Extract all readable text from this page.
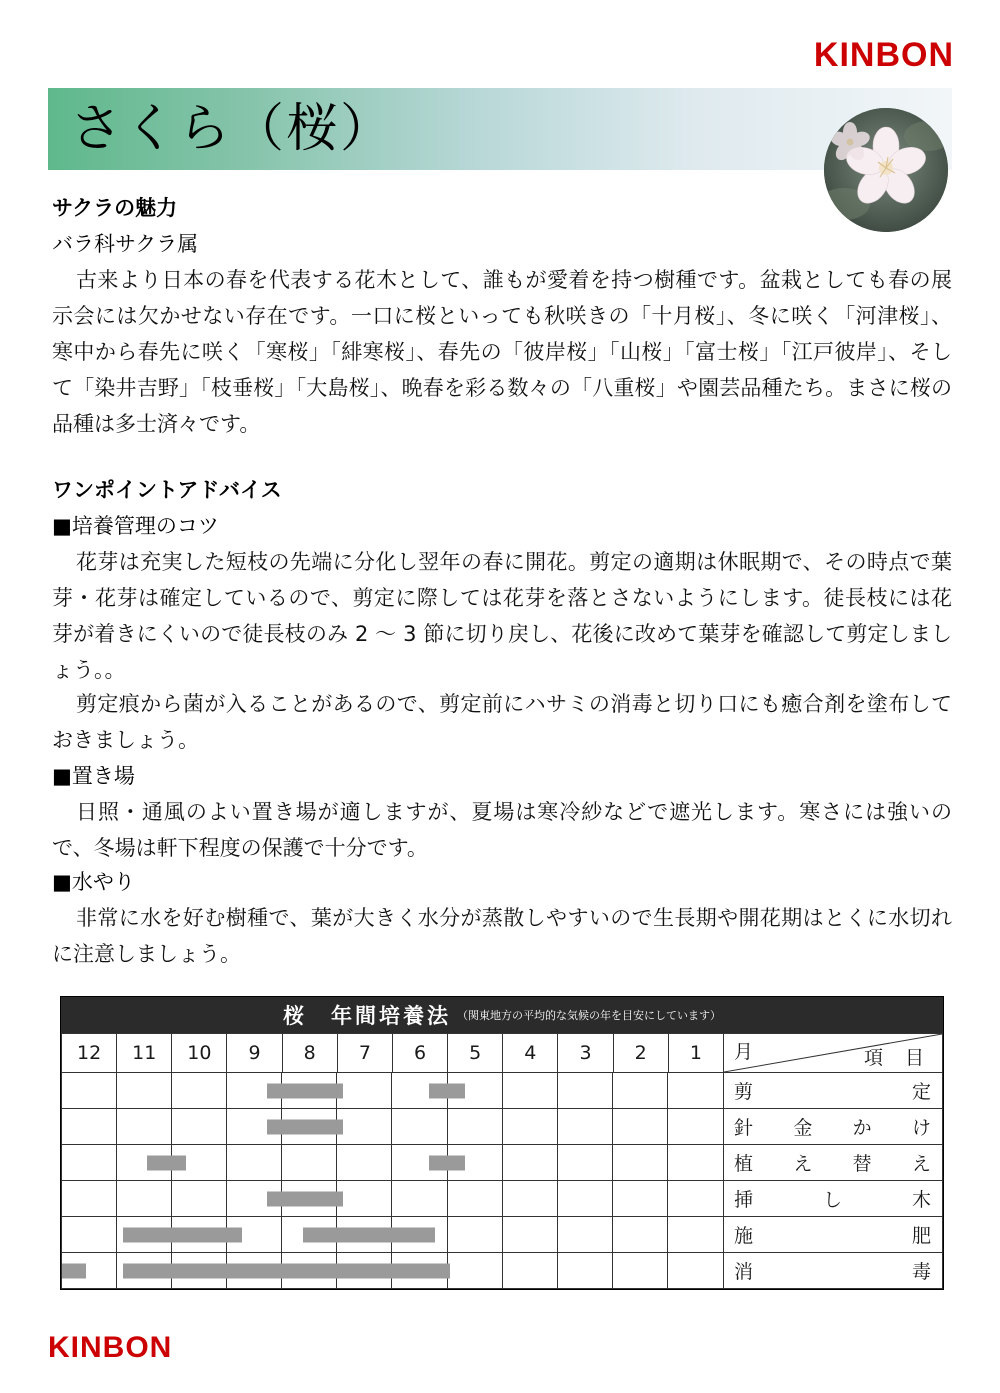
KINBON
さくら（桜）
サクラの魅力
バラ科サクラ属
古来より日本の春を代表する花木として、誰もが愛着を持つ樹種です。盆栽としても春の展示会には欠かせない存在です。一口に桜といっても秋咲きの「十月桜」、冬に咲く「河津桜」、寒中から春先に咲く「寒桜」「緋寒桜」、春先の「彼岸桜」「山桜」「富士桜」「江戸彼岸」、そして「染井吉野」「枝垂桜」「大島桜」、晩春を彩る数々の「八重桜」や園芸品種たち。まさに桜の品種は多士済々です。
ワンポイントアドバイス
■培養管理のコツ
花芽は充実した短枝の先端に分化し翌年の春に開花。剪定の適期は休眠期で、その時点で葉芽・花芽は確定しているので、剪定に際しては花芽を落とさないようにします。徒長枝には花芽が着きにくいので徒長枝のみ 2 〜 3 節に切り戻し、花後に改めて葉芽を確認して剪定しましょう。。
剪定痕から菌が入ることがあるので、剪定前にハサミの消毒と切り口にも癒合剤を塗布しておきましょう。
■置き場
日照・通風のよい置き場が適しますが、夏場は寒冷紗などで遮光します。寒さには強いので、冬場は軒下程度の保護で十分です。
■水やり
非常に水を好む樹種で、葉が大きく水分が蒸散しやすいので生長期や開花期はとくに水切れに注意しましょう。
桜　年間培養法 （関東地方の平均的な気候の年を目安にしています）
12	11	10	9	8	7	6	5	4	3	2	1	月 項 目

												剪 定

												針 金 か け

												植 え 替 え

												挿 し 木

												施 肥

												消 毒
KINBON
